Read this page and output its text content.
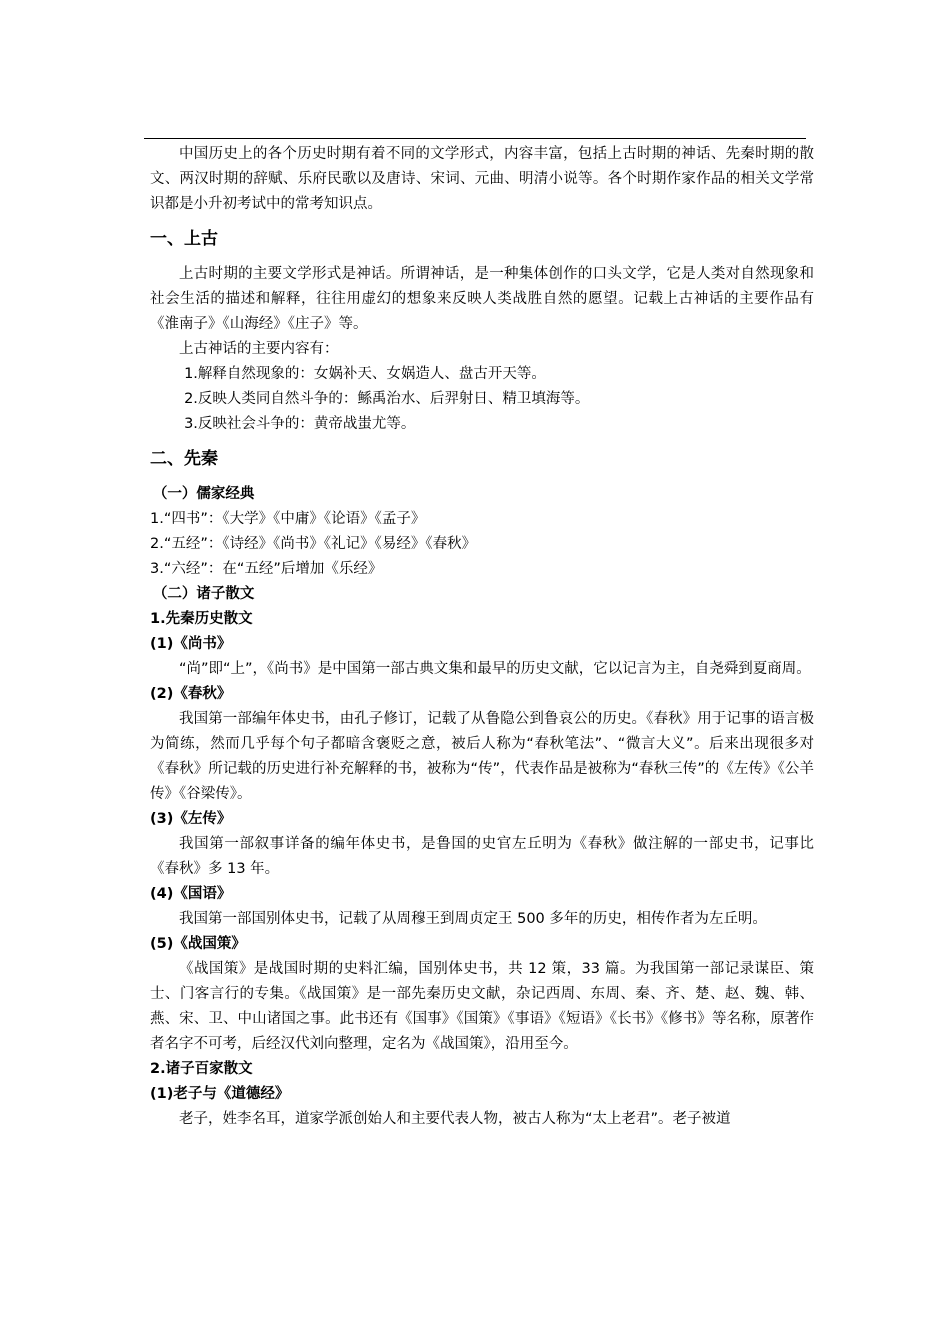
中国历史上的各个历史时期有着不同的文学形式，内容丰富，包括上古时期的神话、先秦时期的散文、两汉时期的辞赋、乐府民歌以及唐诗、宋词、元曲、明清小说等。各个时期作家作品的相关文学常识都是小升初考试中的常考知识点。

一、上古

上古时期的主要文学形式是神话。所谓神话，是一种集体创作的口头文学，它是人类对自然现象和社会生活的描述和解释，往往用虚幻的想象来反映人类战胜自然的愿望。记载上古神话的主要作品有《淮南子》《山海经》《庄子》等。

上古神话的主要内容有：

1.解释自然现象的：女娲补天、女娲造人、盘古开天等。

2.反映人类同自然斗争的：鲧禹治水、后羿射日、精卫填海等。

3.反映社会斗争的：黄帝战蚩尤等。

二、先秦

（一）儒家经典

1.“四书”：《大学》《中庸》《论语》《孟子》

2.“五经”：《诗经》《尚书》《礼记》《易经》《春秋》

3.“六经”：在“五经”后增加《乐经》

（二）诸子散文

1.先秦历史散文

(1)《尚书》

“尚”即“上”，《尚书》是中国第一部古典文集和最早的历史文献，它以记言为主，自尧舜到夏商周。

(2)《春秋》

我国第一部编年体史书，由孔子修订，记载了从鲁隐公到鲁哀公的历史。《春秋》用于记事的语言极为简练，然而几乎每个句子都暗含褒贬之意，被后人称为“春秋笔法”、“微言大义”。后来出现很多对《春秋》所记载的历史进行补充解释的书，被称为“传”，代表作品是被称为“春秋三传”的《左传》《公羊传》《谷梁传》。

(3)《左传》

我国第一部叙事详备的编年体史书，是鲁国的史官左丘明为《春秋》做注解的一部史书，记事比《春秋》多 13 年。

(4)《国语》

我国第一部国别体史书，记载了从周穆王到周贞定王 500 多年的历史，相传作者为左丘明。

(5)《战国策》

《战国策》是战国时期的史料汇编，国别体史书，共 12 策，33 篇。为我国第一部记录谋臣、策士、门客言行的专集。《战国策》是一部先秦历史文献，杂记西周、东周、秦、齐、楚、赵、魏、韩、燕、宋、卫、中山诸国之事。此书还有《国事》《国策》《事语》《短语》《长书》《修书》等名称，原著作者名字不可考，后经汉代刘向整理，定名为《战国策》，沿用至今。

2.诸子百家散文

(1)老子与《道德经》

老子，姓李名耳，道家学派创始人和主要代表人物，被古人称为“太上老君”。老子被道
